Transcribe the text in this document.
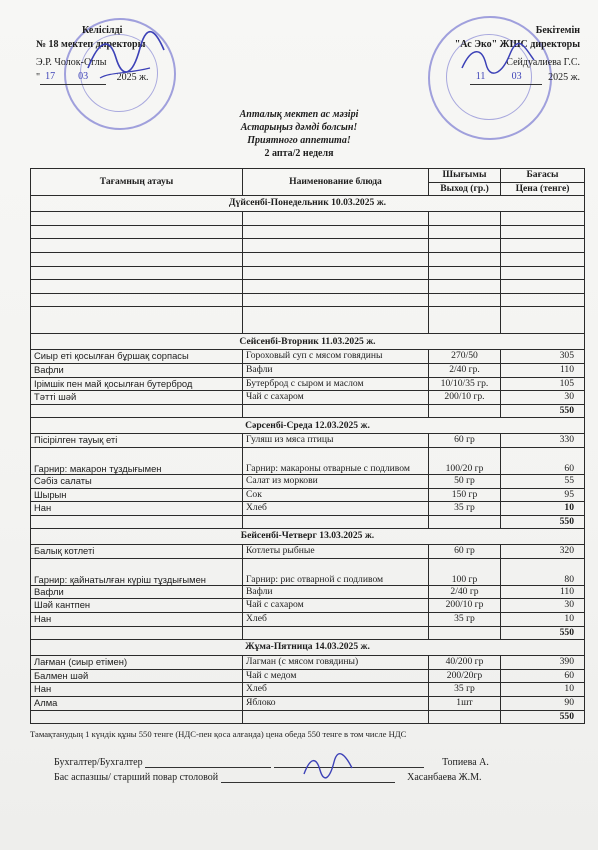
Келісілді
№ 18 мектеп директоры
Э.Р. Чолок-Оглы
" 17 03	2025 ж.
Бекітемін
"Ас Эко" ЖШС директоры
Сейдуалиева Г.С.
11	03	2025 ж.
Апталық мектеп ас мәзірі
Астарыңыз дәмді болсын!
Приятного аппетита!
2 апта/2 неделя
Тағамның атауы	Наименование блюда	Шығымы	Бағасы
		Выход (гр.)	Цена (тенге)
Дүйсенбі-Понедельник 10.03.2025 ж.			

Сейсенбі-Вторник 11.03.2025 ж.			
Сиыр еті қосылған бұршақ сорпасы	Гороховый суп с мясом говядины	270/50	305
Вафли	Вафли	2/40 гр.	110
Ірімшік пен май қосылған бутерброд	Бутерброд с сыром и маслом	10/10/35 гр.	105
Тәтті шәй	Чай с сахаром	200/10 гр.	30
			550
Сәрсенбі-Среда 12.03.2025 ж.			
Пісірілген тауық еті	Гуляш из мяса птицы	60 гр	330
Гарнир: макарон тұздығымен	Гарнир: макароны отварные с подливом	100/20 гр	60
Сәбіз салаты	Салат из моркови	50 гр	55
Шырын	Сок	150 гр	95
Нан	Хлеб	35 гр	10
			550
Бейсенбі-Четверг 13.03.2025 ж.			
Балық котлеті	Котлеты рыбные	60 гр	320
Гарнир: қайнатылған күріш тұздығымен	Гарнир: рис отварной с подливом	100 гр	80
Вафли	Вафли	2/40 гр	110
Шәй кантпен	Чай с сахаром	200/10 гр	30
Нан	Хлеб	35 гр	10
			550
Жұма-Пятница 14.03.2025 ж.			
Лағман (сиыр етімен)	Лагман (с мясом говядины)	40/200 гр	390
Балмен шәй	Чай с медом	200/20гр	60
Нан	Хлеб	35 гр	10
Алма	Яблоко	1шт	90
			550
Тамақтанудың 1 күндік құны 550 тенге (НДС-пен қоса алғанда) цена обеда 550 тенге в том числе НДС
Бухгалтер/Бухгалтер	Топиева А.
Бас аспазшы/ старший повар столовой	Хасанбаева Ж.М.
